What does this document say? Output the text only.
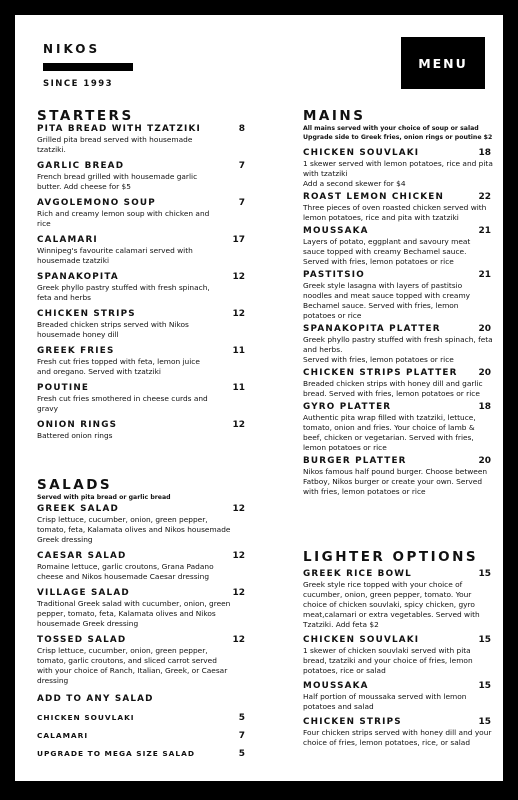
NIKOS
SINCE 1993
MENU
STARTERS
PITA BREAD WITH TZATZIKI	8
Grilled pita bread served with housemade tzatziki.
GARLIC BREAD	7
French bread grilled with housemade garlic butter. Add cheese for $5
AVGOLEMONO SOUP	7
Rich and creamy lemon soup with chicken and rice
CALAMARI	17
Winnipeg's favourite calamari served with housemade tzatziki
SPANAKOPITA	12
Greek phyllo pastry stuffed with fresh spinach, feta and herbs
CHICKEN STRIPS	12
Breaded chicken strips served with Nikos housemade honey dill
GREEK FRIES	11
Fresh cut fries topped with feta, lemon juice and oregano. Served with tzatziki
POUTINE	11
Fresh cut fries smothered in cheese curds and gravy
ONION RINGS	12
Battered onion rings
SALADS
Served with pita bread or garlic bread
GREEK SALAD	12
Crisp lettuce, cucumber, onion, green pepper, tomato, feta, Kalamata olives and Nikos housemade Greek dressing
CAESAR SALAD	12
Romaine lettuce, garlic croutons, Grana Padano cheese and Nikos housemade Caesar dressing
VILLAGE SALAD	12
Traditional Greek salad with cucumber, onion, green pepper, tomato, feta, Kalamata olives and Nikos housemade Greek dressing
TOSSED SALAD	12
Crisp lettuce, cucumber, onion, green pepper, tomato, garlic croutons, and sliced carrot served with your choice of Ranch, Italian, Greek, or Caesar dressing
ADD TO ANY SALAD
CHICKEN SOUVLAKI	5
CALAMARI	7
UPGRADE TO MEGA SIZE SALAD	5
MAINS
All mains served with your choice of soup or salad
Upgrade side to Greek fries, onion rings or poutine $2
CHICKEN SOUVLAKI	18
1 skewer served with lemon potatoes, rice and pita with tzatziki
Add a second skewer for $4
ROAST LEMON CHICKEN	22
Three pieces of oven roasted chicken served with lemon potatoes, rice and pita with tzatziki
MOUSSAKA	21
Layers of potato, eggplant and savoury meat sauce topped with creamy Bechamel sauce. Served with fries, lemon potatoes or rice
PASTITSIO	21
Greek style lasagna with layers of pastitsio noodles and meat sauce topped with creamy Bechamel sauce. Served with fries, lemon potatoes or rice
SPANAKOPITA PLATTER	20
Greek phyllo pastry stuffed with fresh spinach, feta and herbs.
Served with fries, lemon potatoes or rice
CHICKEN STRIPS PLATTER 20
Breaded chicken strips with honey dill and garlic bread. Served with fries, lemon potatoes or rice
GYRO PLATTER	18
Authentic pita wrap filled with tzatziki, lettuce, tomato, onion and fries. Your choice of lamb & beef, chicken or vegetarian. Served with fries, lemon potatoes or rice
BURGER PLATTER	20
Nikos famous half pound burger. Choose between Fatboy, Nikos burger or create your own. Served with fries, lemon potatoes or rice
LIGHTER OPTIONS
GREEK RICE BOWL	15
Greek style rice topped with your choice of cucumber, onion, green pepper, tomato. Your choice of chicken souvlaki, spicy chicken, gyro meat,calamari or extra vegetables. Served with Tzatziki. Add feta $2
CHICKEN SOUVLAKI	15
1 skewer of chicken souvlaki served with pita bread, tzatziki and your choice of fries, lemon potatoes, rice or salad
MOUSSAKA	15
Half portion of moussaka served with lemon potatoes and salad
CHICKEN STRIPS	15
Four chicken strips served with honey dill and your choice of fries, lemon potatoes, rice, or salad
